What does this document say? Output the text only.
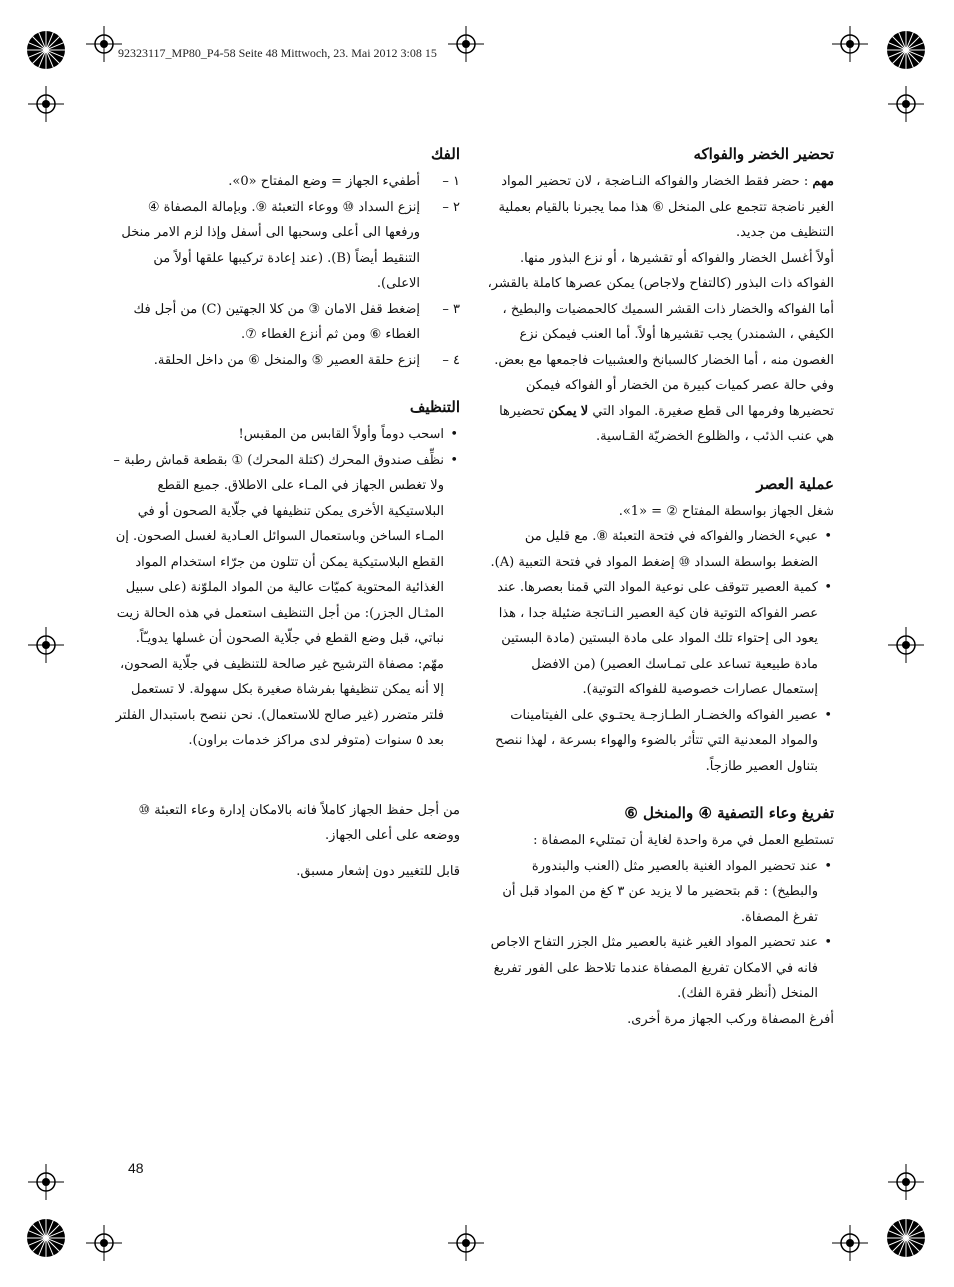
92323117_MP80_P4-58 Seite 48 Mittwoch, 23. Mai 2012 3:08 15
تحضير الخضر والفواكه

مهم : حضر فقط الخضار والفواكه النـاضجة ، لان تحضير المواد الغير ناضجة تتجمع على المنخل ⑥ هذا مما يجبرنا بالقيام بعملية التنظيف من جديد.

أولاً أغسل الخضار والفواكه أو تقشيرها ، أو نزع البذور منها. الفواكه ذات البذور (كالتفاح ولاجاص) يمكن عصرها كاملة بالقشر، أما الفواكه والخضار ذات القشر السميك كالحمضيات والبطيخ ، الكيفي ، الشمندر) يجب تقشيرها أولاً. أما العنب فيمكن نزع الغصون منه ، أما الخضار كالسبانخ والعشبيات فاجمعها مع بعض. وفي حالة عصر كميات كبيرة من الخضار أو الفواكه فيمكن تحضيرها وفرمها الى قطع صغيرة. المواد التي لا يمكن تحضيرها هي عنب الذئب ، والظلوع الخضريّة القـاسية.

عملية العصر

شغل الجهاز بواسطة المفتاح ② = «1».

• عبيء الخضار والفواكه في فتحة التعبئة ⑧. مع قليل من الضغط بواسطة السداد ⑩ إضغط المواد في فتحة التعبية (A).
• كمية العصير تتوقف على نوعية المواد التي قمنا بعصرها. عند عصر الفواكه التوتية فان كية العصير النـاتجة ضئيلة جدا ، هذا يعود الى إحتواء تلك المواد على مادة البستين (مادة البستين مادة طبيعية تساعد على تمـاسك العصير) (من الافضل إستعمال عصارات خصوصية للفواكه التوتية).
• عصير الفواكه والخضـار الطـازجـة يحتـوي على الفيتامينات والمواد المعدنية التي تتأثر بالضوء والهواء بسرعة ، لهذا ننصح بتناول العصير طازجاً.
تفريغ وعاء التصفية ④ والمنخل ⑥

تستطيع العمل في مرة واحدة لغاية أن تمتليء المصفاة :

• عند تحضير المواد الغنية بالعصير مثل (العنب والبندورة والبطيخ) : قم بتحضير ما لا يزيد عن ٣ كغ من المواد قبل أن تفرغ المصفاة.
• عند تحضير المواد الغير غنية بالعصير مثل الجزر التفاح الاجاص فانه في الامكان تفريغ المصفاة عندما تلاحظ على الفور تفريغ المنخل (أنظر فقرة الفك).

أفرغ المصفاة وركب الجهاز مرة أخرى.

الفك
١ –
أطفيء الجهاز = وضع المفتاح «0».
٢ –
إنزع السداد ⑩ ووعاء التعبئة ⑨. وبإمالة المصفاة ④ ورفعها الى أعلى وسحبها الى أسفل وإذا لزم الامر منخل التنقيط أيضاً (B). (عند إعادة تركيبها علقها أولاً من الاعلى).
٣ –
إضغط قفل الامان ③ من كلا الجهتين (C) من أجل فك الغطاء ⑥ ومن ثم أنزع الغطاء ⑦.
٤ –
إنزع حلقة العصير ⑤ والمنخل ⑥ من داخل الحلقة.
التنظيف
• اسحب دوماً وأولاً القابس من المقبس!
• نظِّف صندوق المحرك (كتلة المحرك) ① بقطعة قماش رطبة – ولا تغطس الجهاز في المـاء على الاطلاق. جميع القطع البلاستيكية الأخرى يمكن تنظيفها في جلّاية الصحون أو في المـاء الساخن وباستعمال السوائل العـادية لغسل الصحون. إن القطع البلاستيكية يمكن أن تتلون من جرّاء استخدام المواد الغذائية المحتوية كميّات عالية من المواد الملوّنة (على سبيل المثـال الجزر): من أجل التنظيف استعمل في هذه الحالة زيت نباتي، قبل وضع القطع في جلّاية الصحون أن غسلها يدويـّاً. مهّم: مصفاة الترشيح غير صالحة للتنظيف في جلّاية الصحون، إلا أنه يمكن تنظيفها بفرشاة صغيرة بكل سهولة. لا تستعمل فلتر متضرر (غير صالح للاستعمال). نحن ننصح باستبدال الفلتر بعد ٥ سنوات (متوفر لدى مراكز خدمات براون).

من أجل حفظ الجهاز كاملاً فانه بالامكان إدارة وعاء التعبئة ⑩ ووضعه على أعلى الجهاز.

قابل للتغيير دون إشعار مسبق.

48
